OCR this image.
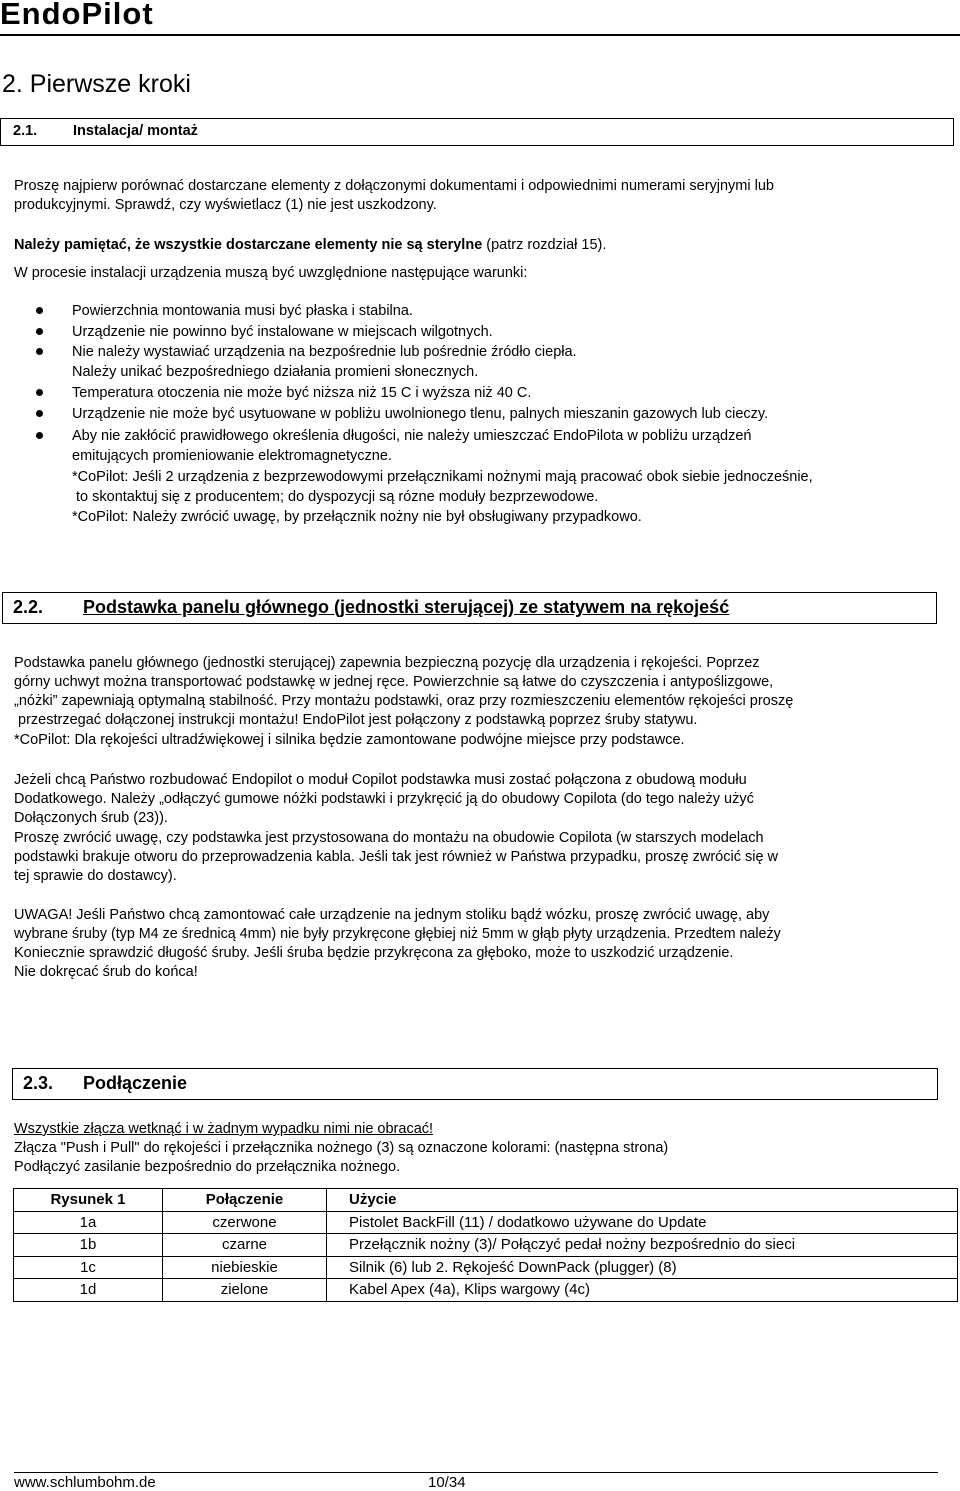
EndoPilot
2. Pierwsze kroki
2.1. Instalacja/ montaż
Proszę najpierw porównać dostarczane elementy z dołączonymi dokumentami i odpowiednimi numerami seryjnymi lub
produkcyjnymi. Sprawdź, czy wyświetlacz (1) nie jest uszkodzony.
Należy pamiętać, że wszystkie dostarczane elementy nie są sterylne (patrz rozdział 15).
W procesie instalacji urządzenia muszą być uwzględnione następujące warunki:
Powierzchnia montowania musi być płaska i stabilna.
Urządzenie nie powinno być instalowane w miejscach wilgotnych.
Nie należy wystawiać urządzenia na bezpośrednie lub pośrednie źródło ciepła.
Należy unikać bezpośredniego działania promieni słonecznych.
Temperatura otoczenia nie może być niższa niż 15 C i wyższa niż 40 C.
Urządzenie nie może być usytuowane w pobliżu uwolnionego tlenu, palnych mieszanin gazowych lub cieczy.
Aby nie zakłócić prawidłowego określenia długości, nie należy umieszczać EndoPilota w pobliżu urządzeń
emitujących promieniowanie elektromagnetyczne.
*CoPilot: Jeśli 2 urządzenia z bezprzewodowymi przełącznikami nożnymi mają pracować obok siebie jednocześnie,
to skontaktuj się z producentem; do dyspozycji są rózne moduły bezprzewodowe.
*CoPilot: Należy zwrócić uwagę, by przełącznik nożny nie był obsługiwany przypadkowo.
2.2. Podstawka panelu głównego (jednostki sterującej) ze statywem na rękojeść
Podstawka panelu głównego (jednostki sterującej) zapewnia bezpieczną pozycję dla urządzenia i rękojeści. Poprzez
górny uchwyt można transportować podstawkę w jednej ręce. Powierzchnie są łatwe do czyszczenia i antypoślizgowe,
„nóżki” zapewniają optymalną stabilność. Przy montażu podstawki, oraz przy rozmieszczeniu elementów rękojeści proszę
przestrzegać dołączonej instrukcji montażu! EndoPilot jest połączony z podstawką poprzez śruby statywu.
*CoPilot: Dla rękojeści ultradźwiękowej i silnika będzie zamontowane podwójne miejsce przy podstawce.
Jeżeli chcą Państwo rozbudować Endopilot o moduł Copilot podstawka musi zostać połączona z obudową modułu
Dodatkowego. Należy „odłączyć gumowe nóżki podstawki i przykręcić ją do obudowy Copilota (do tego należy użyć
Dołączonych śrub (23)).
Proszę zwrócić uwagę, czy podstawka jest przystosowana do montażu na obudowie Copilota (w starszych modelach
podstawki brakuje otworu do przeprowadzenia kabla. Jeśli tak jest również w Państwa przypadku, proszę zwrócić się w
tej sprawie do dostawcy).
UWAGA! Jeśli Państwo chcą zamontować całe urządzenie na jednym stoliku bądź wózku, proszę zwrócić uwagę, aby
wybrane śruby (typ M4 ze średnicą 4mm) nie były przykręcone głębiej niż 5mm w głąb płyty urządzenia. Przedtem należy
Koniecznie sprawdzić długość śruby. Jeśli śruba będzie przykręcona za głęboko, może to uszkodzić urządzenie.
Nie dokręcać śrub do końca!
2.3. Podłączenie
Wszystkie złącza wetknąć i w żadnym wypadku nimi nie obracać!
Złącza "Push i Pull" do rękojeści i przełącznika nożnego (3) są oznaczone kolorami: (następna strona)
Podłączyć zasilanie bezpośrednio do przełącznika nożnego.
Rysunek 1	Połączenie	Użycie
1a	czerwone	Pistolet BackFill (11) / dodatkowo używane do Update
1b	czarne	Przełącznik nożny (3)/ Połączyć pedał nożny bezpośrednio do sieci
1c	niebieskie	Silnik (6) lub 2. Rękojeść DownPack (plugger) (8)
1d	zielone	Kabel Apex (4a), Klips wargowy (4c)
www.schlumbohm.de	10/34
